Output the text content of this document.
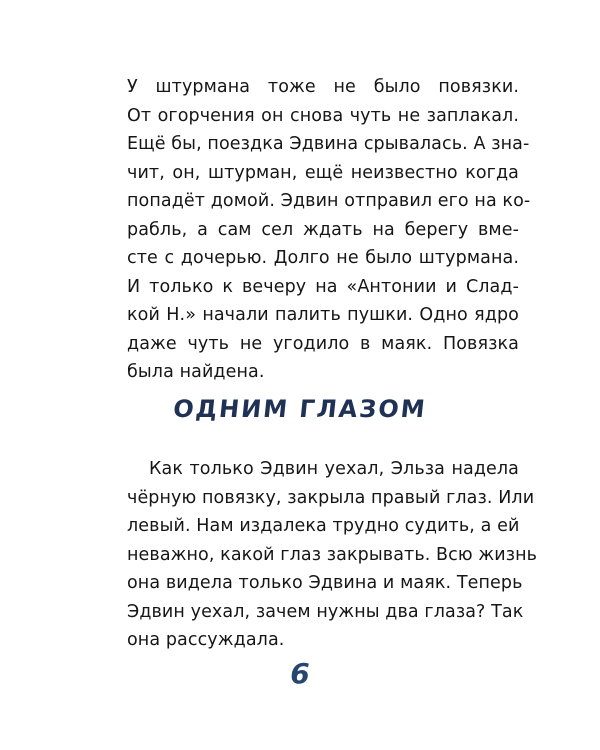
У штурмана тоже не было повязки.
От огорчения он снова чуть не заплакал.
Ещё бы, поездка Эдвина срывалась. А зна-
чит, он, штурман, ещё неизвестно когда
попадёт домой. Эдвин отправил его на ко-
рабль, а сам сел ждать на берегу вме-
сте с дочерью. Долго не было штурмана.
И только к вечеру на «Антонии и Слад-
кой Н.» начали палить пушки. Одно ядро
даже чуть не угодило в маяк. Повязка
была найдена.
ОДНИМ ГЛАЗОМ
Как только Эдвин уехал, Эльза надела
чёрную повязку, закрыла правый глаз. Или
левый. Нам издалека трудно судить, а ей
неважно, какой глаз закрывать. Всю жизнь
она видела только Эдвина и маяк. Теперь
Эдвин уехал, зачем нужны два глаза? Так
она рассуждала.
6
